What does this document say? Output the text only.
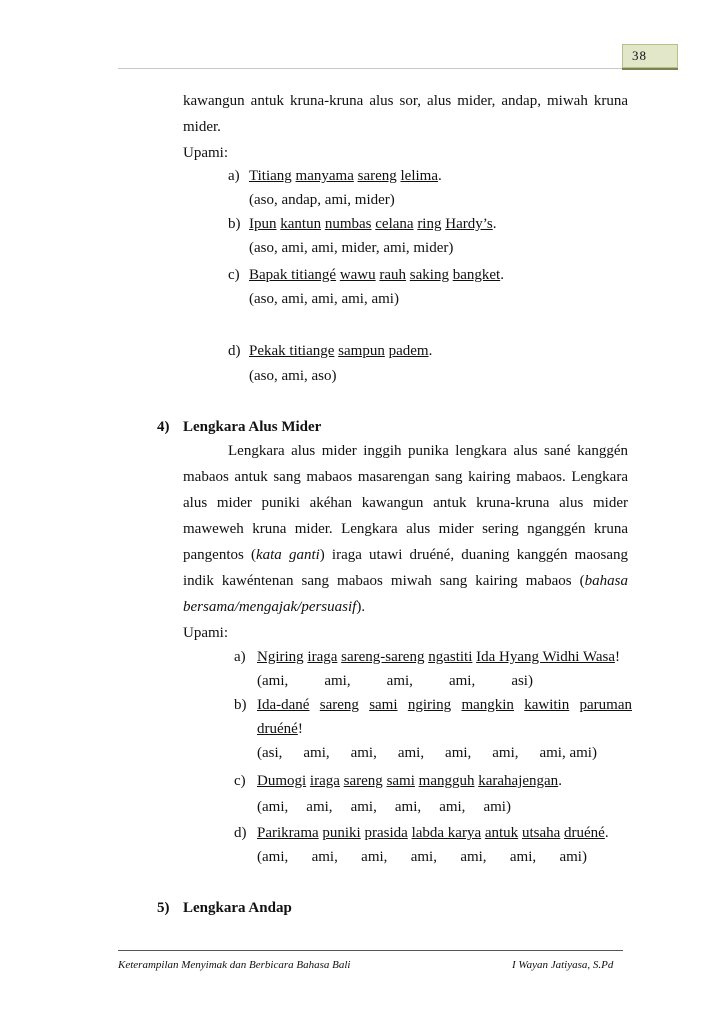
38
kawangun antuk kruna-kruna alus sor, alus mider, andap, miwah kruna
mider.
Upami:
a) Titiang manyama sareng lelima.
(aso, andap, ami, mider)
b) Ipun kantun numbas celana ring Hardy’s.
(aso, ami, ami, mider, ami, mider)
c) Bapak titiangé wawu rauh saking bangket.
(aso, ami, ami, ami, ami)
d) Pekak titiange sampun padem.
(aso, ami, aso)
4) Lengkara Alus Mider
Lengkara alus mider inggih punika lengkara alus sané kanggén
mabaos antuk sang mabaos masarengan sang kairing mabaos. Lengkara
alus mider puniki akéhan kawangun antuk kruna-kruna alus mider
maweweh kruna mider. Lengkara alus mider sering nganggén kruna
pangentos (kata ganti) iraga utawi druéné, duaning kanggén maosang
indik kawéntenan sang mabaos miwah sang kairing mabaos (bahasa
bersama/mengajak/persuasif).
Upami:
a) Ngiring iraga sareng-sareng ngastiti Ida Hyang Widhi Wasa!
(ami, ami, ami, ami, asi)
b) Ida-dané sareng sami ngiring mangkin kawitin paruman
druéné!
(asi, ami, ami, ami, ami, ami, ami, ami)
c) Dumogi iraga sareng sami mangguh karahajengan.
(ami, ami, ami, ami, ami, ami)
d) Parikrama puniki prasida labda karya antuk utsaha druéné.
(ami, ami, ami, ami, ami, ami, ami)
5) Lengkara Andap
Keterampilan Menyimak dan Berbicara Bahasa Bali	I Wayan Jatiyasa, S.Pd
